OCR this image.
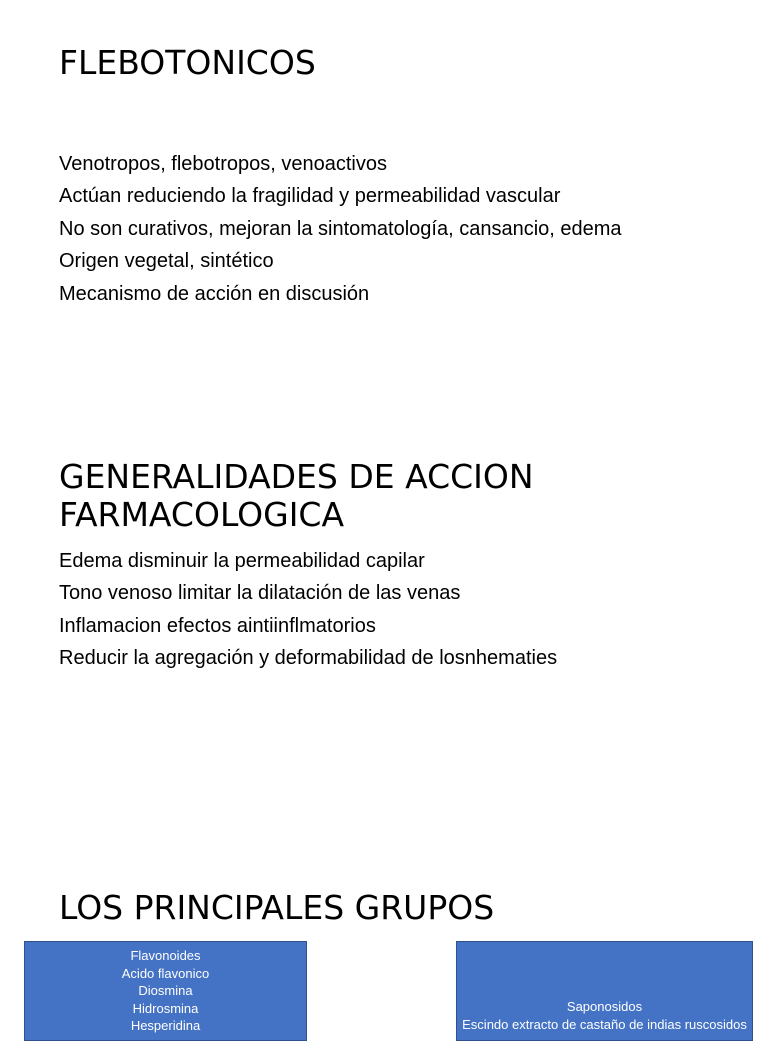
FLEBOTONICOS
Venotropos, flebotropos, venoactivos
Actúan reduciendo la fragilidad y permeabilidad vascular
No son curativos, mejoran la sintomatología, cansancio, edema
Origen vegetal, sintético
Mecanismo de acción en discusión
GENERALIDADES DE ACCION
FARMACOLOGICA
Edema disminuir la permeabilidad capilar
Tono venoso limitar la dilatación de las venas
Inflamacion efectos aintiinflmatorios
Reducir la agregación y deformabilidad de losnhematies
LOS PRINCIPALES GRUPOS
Flavonoides
Acido flavonico
Diosmina
Hidrosmina
Hesperidina
Saponosidos
Escindo extracto de castaño de indias ruscosidos
